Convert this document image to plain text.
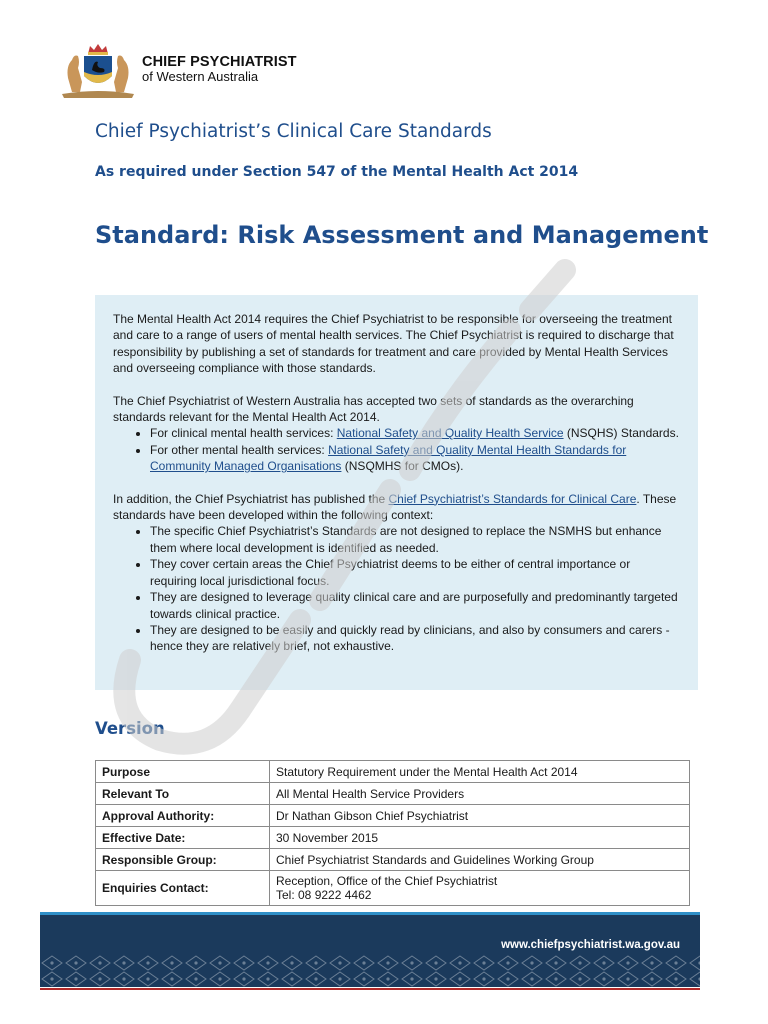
CHIEF PSYCHIATRIST
of Western Australia
Chief Psychiatrist’s Clinical Care Standards
As required under Section 547 of the Mental Health Act 2014
Standard: Risk Assessment and Management

The Mental Health Act 2014 requires the Chief Psychiatrist to be responsible for overseeing the treatment and care to a range of users of mental health services. The Chief Psychiatrist is required to discharge that responsibility by publishing a set of standards for treatment and care provided by Mental Health Services and overseeing compliance with those standards.

The Chief Psychiatrist of Western Australia has accepted two sets of standards as the overarching standards relevant for the Mental Health Act 2014.

• For clinical mental health services: National Safety and Quality Health Service (NSQHS) Standards.
• For other mental health services: National Safety and Quality Mental Health Standards for Community Managed Organisations (NSQMHS for CMOs).

In addition, the Chief Psychiatrist has published the Chief Psychiatrist’s Standards for Clinical Care. These standards have been developed within the following context:

• The specific Chief Psychiatrist’s Standards are not designed to replace the NSMHS but enhance them where local development is identified as needed.
• They cover certain areas the Chief Psychiatrist deems to be either of central importance or requiring local jurisdictional focus.
• They are designed to leverage quality clinical care and are purposefully and predominantly targeted towards clinical practice.
• They are designed to be easily and quickly read by clinicians, and also by consumers and carers - hence they are relatively brief, not exhaustive.
Version
Purpose	Statutory Requirement under the Mental Health Act 2014
Relevant To	All Mental Health Service Providers
Approval Authority:	Dr Nathan Gibson Chief Psychiatrist
Effective Date:	30 November 2015
Responsible Group:	Chief Psychiatrist Standards and Guidelines Working Group
Enquiries Contact:	Reception, Office of the Chief Psychiatrist
Tel: 08 9222 4462
www.chiefpsychiatrist.wa.gov.au
